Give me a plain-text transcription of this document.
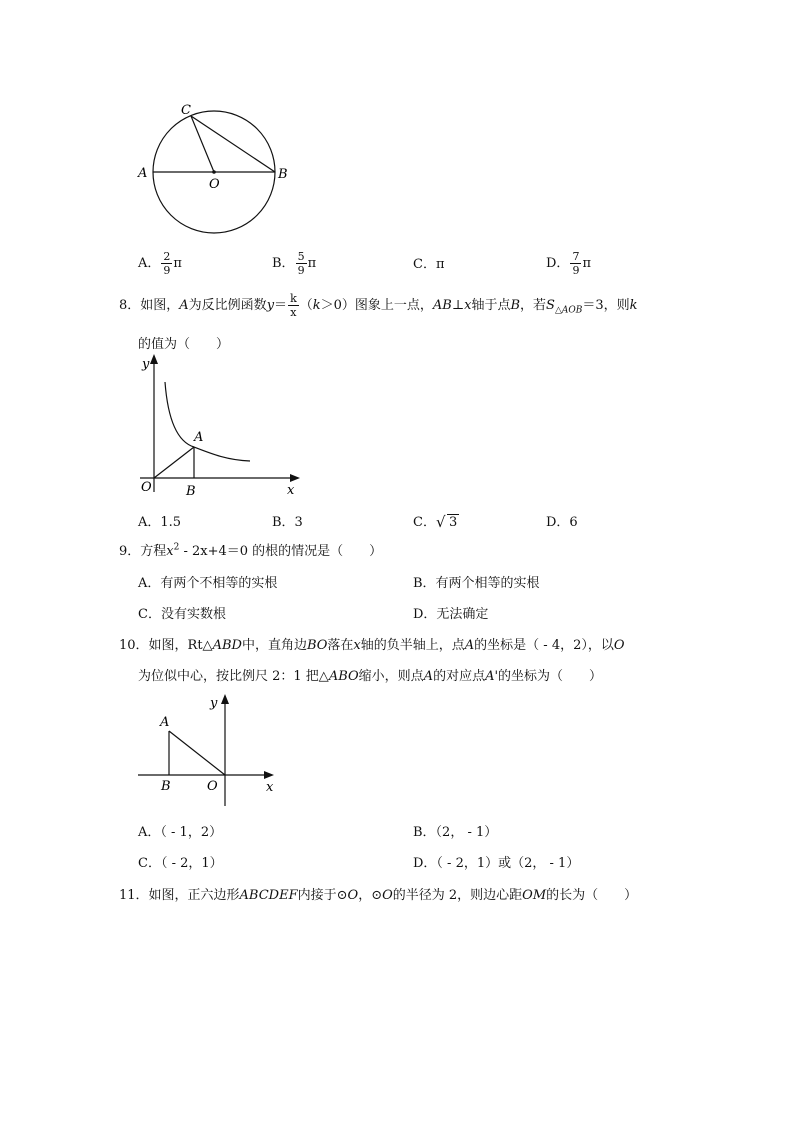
C
A
O
B
A． $\frac{2}{9}$ π	B． $\frac{5}{9}$ π	C．π	D． $\frac{7}{9}$ π
8．如图，A为反比例函数$y= \frac{k}{x} (k>0)$图象上一点，AB⊥x轴于点B，若$S_{\triangle AOB}=3$，则k
的值为（　　）
y
O
A
B	x
A．1.5	B．3	C． √ 3	D．6
9．方程$x^2 - 2x+4=0$ 的根的情况是（　　）
A．有两个不相等的实根	B．有两个相等的实根
C．没有实数根	D．无法确定
10．如图，Rt△ABD中，直角边BO落在x轴的负半轴上，点A的坐标是（ - 4，2），以O
为位似中心，按比例尺 2：1 把△ABO缩小，则点A的对应点A'的坐标为（　　）
y
A
B	O	x
A．（ - 1，2）	B．（2， - 1）
C．（ - 2，1）	D．（ - 2，1）或（2， - 1）
11．如图，正六边形ABCDEF内接于⊙O，⊙O的半径为 2，则边心距OM的长为（　　）
